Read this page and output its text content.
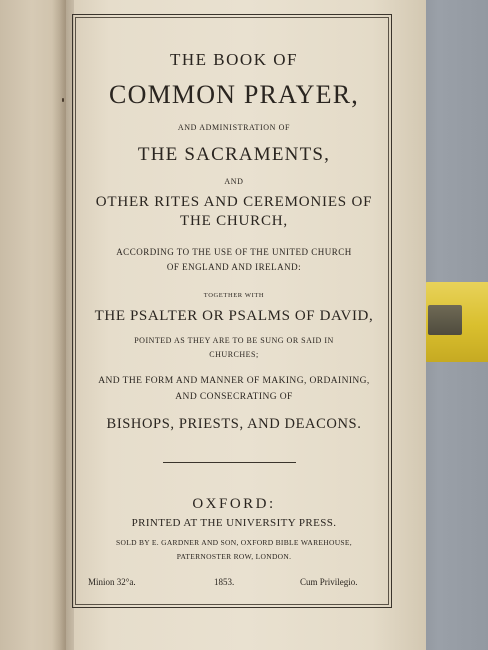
THE BOOK OF
COMMON PRAYER,
AND ADMINISTRATION OF
THE SACRAMENTS,
AND
OTHER RITES AND CEREMONIES OF
THE CHURCH,
ACCORDING TO THE USE OF THE UNITED CHURCH
OF ENGLAND AND IRELAND:
TOGETHER WITH
THE PSALTER OR PSALMS OF DAVID,
POINTED AS THEY ARE TO BE SUNG OR SAID IN
CHURCHES;
AND THE FORM AND MANNER OF MAKING, ORDAINING,
AND CONSECRATING OF
BISHOPS, PRIESTS, AND DEACONS.
OXFORD:
PRINTED AT THE UNIVERSITY PRESS.
SOLD BY E. GARDNER AND SON, OXFORD BIBLE WAREHOUSE,
PATERNOSTER ROW, LONDON.
Minion 32°a.	1853.	Cum Privilegio.
